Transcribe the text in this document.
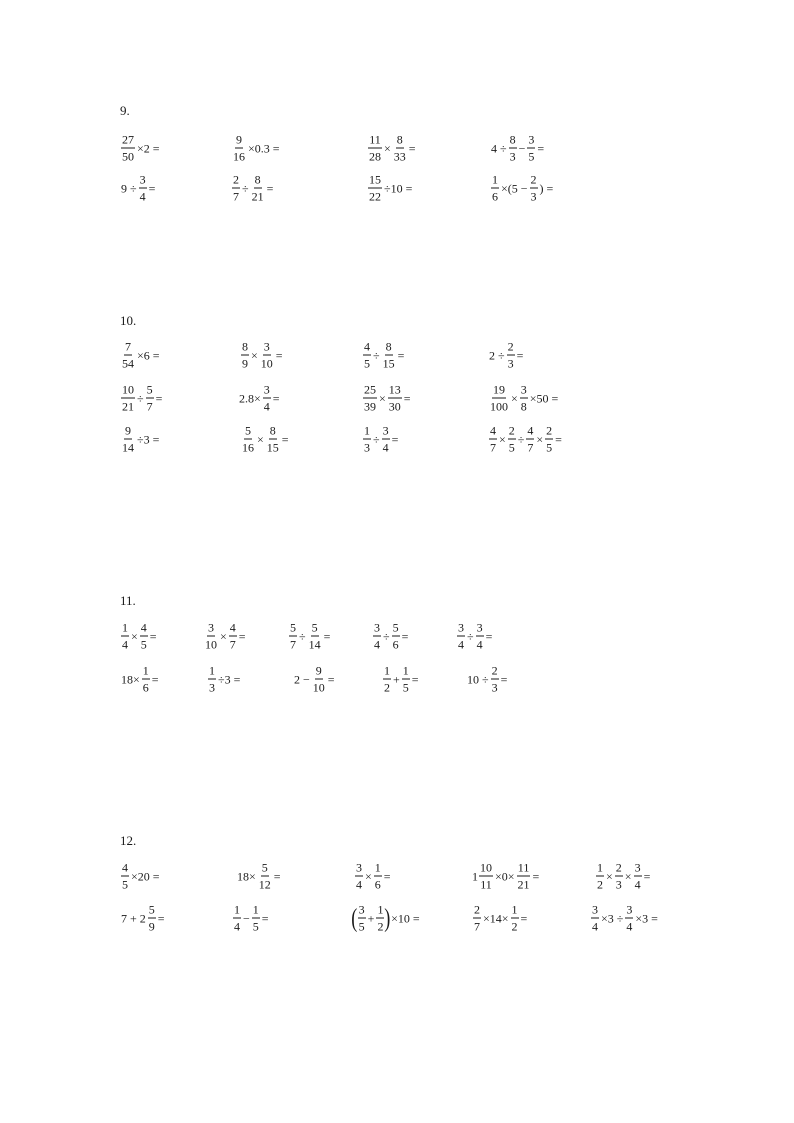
9.
$\frac{27}{50} \times 2$ =	$\frac{9}{16} \times 0.3$ =	$\frac{11}{28} \times \frac{8}{33}$ =	$4 \div \frac{8}{3} - \frac{3}{5}$ =
$9 \div \frac{3}{4}$ =	$\frac{2}{7} \div \frac{8}{21}$ =	$\frac{15}{22} \div 10$ =	$\frac{1}{6} \times(5 - \frac{2}{3}$ ) =
10.
$\frac{7}{54} \times 6$ =	$\frac{8}{9} \times \frac{3}{10}$ =	$\frac{4}{5} \div \frac{8}{15}$ =	$2 \div \frac{2}{3}$ =
$\frac{10}{21} \div \frac{5}{7}$ =	$2.8\times \frac{3}{4}$ =	$\frac{25}{39} \times \frac{13}{30}$ =	$\frac{19}{100} \times \frac{3}{8} \times 50$ =
$\frac{9}{14} \div 3$ =	$\frac{5}{16} \times \frac{8}{15}$ =	$\frac{1}{3} \div \frac{3}{4}$ =	$\frac{4}{7} \times \frac{2}{5} \div \frac{4}{7} \times \frac{2}{5}$ =
11.
$\frac{1}{4} \times \frac{4}{5}$ =	$\frac{3}{10} \times \frac{4}{7}$ =	$\frac{5}{7} \div \frac{5}{14}$ =	$\frac{3}{4} \div \frac{5}{6}$ =	$\frac{3}{4} \div \frac{3}{4}$ =
$18\times \frac{1}{6}$ =	$\frac{1}{3} \div 3$ =	$2 - \frac{9}{10}$ =	$\frac{1}{2} + \frac{1}{5}$ =	$10 \div \frac{2}{3}$ =
12.
$\frac{4}{5} \times 20$ =	$18\times \frac{5}{12}$ =	$\frac{3}{4} \times \frac{1}{6}$ =	$1 \frac{10}{11} \times 0\times \frac{11}{21}$ =	$\frac{1}{2} \times \frac{2}{3} \times \frac{3}{4}$ =
$7 + 2 \frac{5}{9}$ =	$\frac{1}{4} - \frac{1}{5}$ =	( $\frac{3}{5} + \frac{1}{2}$ ) ×10 =	$\frac{2}{7} \times 14\times \frac{1}{2}$ =	$\frac{3}{4} \times 3 \div \frac{3}{4} \times 3$ =
